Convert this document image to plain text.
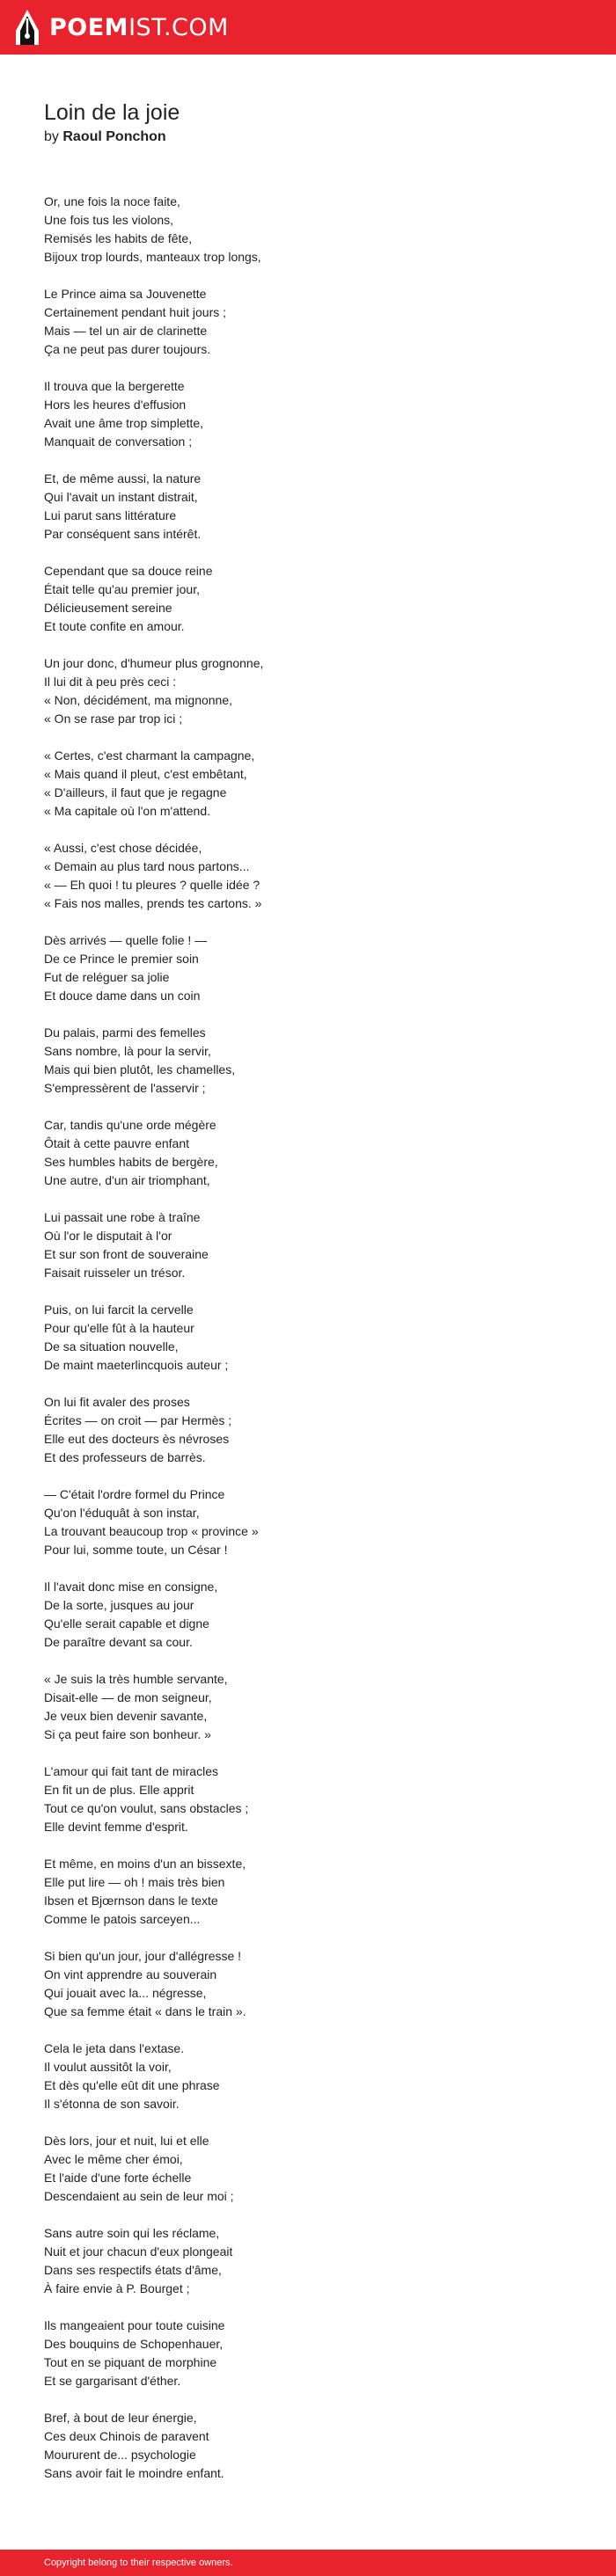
POEMIST.COM
Loin de la joie
by Raoul Ponchon
Or, une fois la noce faite,
Une fois tus les violons,
Remisés les habits de fête,
Bijoux trop lourds, manteaux trop longs,
Le Prince aima sa Jouvenette
Certainement pendant huit jours ;
Mais — tel un air de clarinette
Ça ne peut pas durer toujours.
Il trouva que la bergerette
Hors les heures d'effusion
Avait une âme trop simplette,
Manquait de conversation ;
Et, de même aussi, la nature
Qui l'avait un instant distrait,
Lui parut sans littérature
Par conséquent sans intérêt.
Cependant que sa douce reine
Était telle qu'au premier jour,
Délicieusement sereine
Et toute confite en amour.
Un jour donc, d'humeur plus grognonne,
Il lui dit à peu près ceci :
« Non, décidément, ma mignonne,
« On se rase par trop ici ;
« Certes, c'est charmant la campagne,
« Mais quand il pleut, c'est embêtant,
« D'ailleurs, il faut que je regagne
« Ma capitale où l'on m'attend.
« Aussi, c'est chose décidée,
« Demain au plus tard nous partons...
« — Eh quoi ! tu pleures ? quelle idée ?
« Fais nos malles, prends tes cartons. »
Dès arrivés — quelle folie ! —
De ce Prince le premier soin
Fut de reléguer sa jolie
Et douce dame dans un coin
Du palais, parmi des femelles
Sans nombre, là pour la servir,
Mais qui bien plutôt, les chamelles,
S'empressèrent de l'asservir ;
Car, tandis qu'une orde mégère
Ôtait à cette pauvre enfant
Ses humbles habits de bergère,
Une autre, d'un air triomphant,
Lui passait une robe à traîne
Où l'or le disputait à l'or
Et sur son front de souveraine
Faisait ruisseler un trésor.
Puis, on lui farcit la cervelle
Pour qu'elle fût à la hauteur
De sa situation nouvelle,
De maint maeterlincquois auteur ;
On lui fit avaler des proses
Écrites — on croit — par Hermès ;
Elle eut des docteurs ès névroses
Et des professeurs de barrès.
— C'était l'ordre formel du Prince
Qu'on l'éduquât à son instar,
La trouvant beaucoup trop « province »
Pour lui, somme toute, un César !
Il l'avait donc mise en consigne,
De la sorte, jusques au jour
Qu'elle serait capable et digne
De paraître devant sa cour.
« Je suis la très humble servante,
Disait-elle — de mon seigneur,
Je veux bien devenir savante,
Si ça peut faire son bonheur. »
L'amour qui fait tant de miracles
En fit un de plus. Elle apprit
Tout ce qu'on voulut, sans obstacles ;
Elle devint femme d'esprit.
Et même, en moins d'un an bissexte,
Elle put lire — oh ! mais très bien
Ibsen et Bjœrnson dans le texte
Comme le patois sarceyen...
Si bien qu'un jour, jour d'allégresse !
On vint apprendre au souverain
Qui jouait avec la... négresse,
Que sa femme était « dans le train ».
Cela le jeta dans l'extase.
Il voulut aussitôt la voir,
Et dès qu'elle eût dit une phrase
Il s'étonna de son savoir.
Dès lors, jour et nuit, lui et elle
Avec le même cher émoi,
Et l'aide d'une forte échelle
Descendaient au sein de leur moi ;
Sans autre soin qui les réclame,
Nuit et jour chacun d'eux plongeait
Dans ses respectifs états d'âme,
À faire envie à P. Bourget ;
Ils mangeaient pour toute cuisine
Des bouquins de Schopenhauer,
Tout en se piquant de morphine
Et se gargarisant d'éther.
Bref, à bout de leur énergie,
Ces deux Chinois de paravent
Moururent de... psychologie
Sans avoir fait le moindre enfant.
Copyright belong to their respective owners.
